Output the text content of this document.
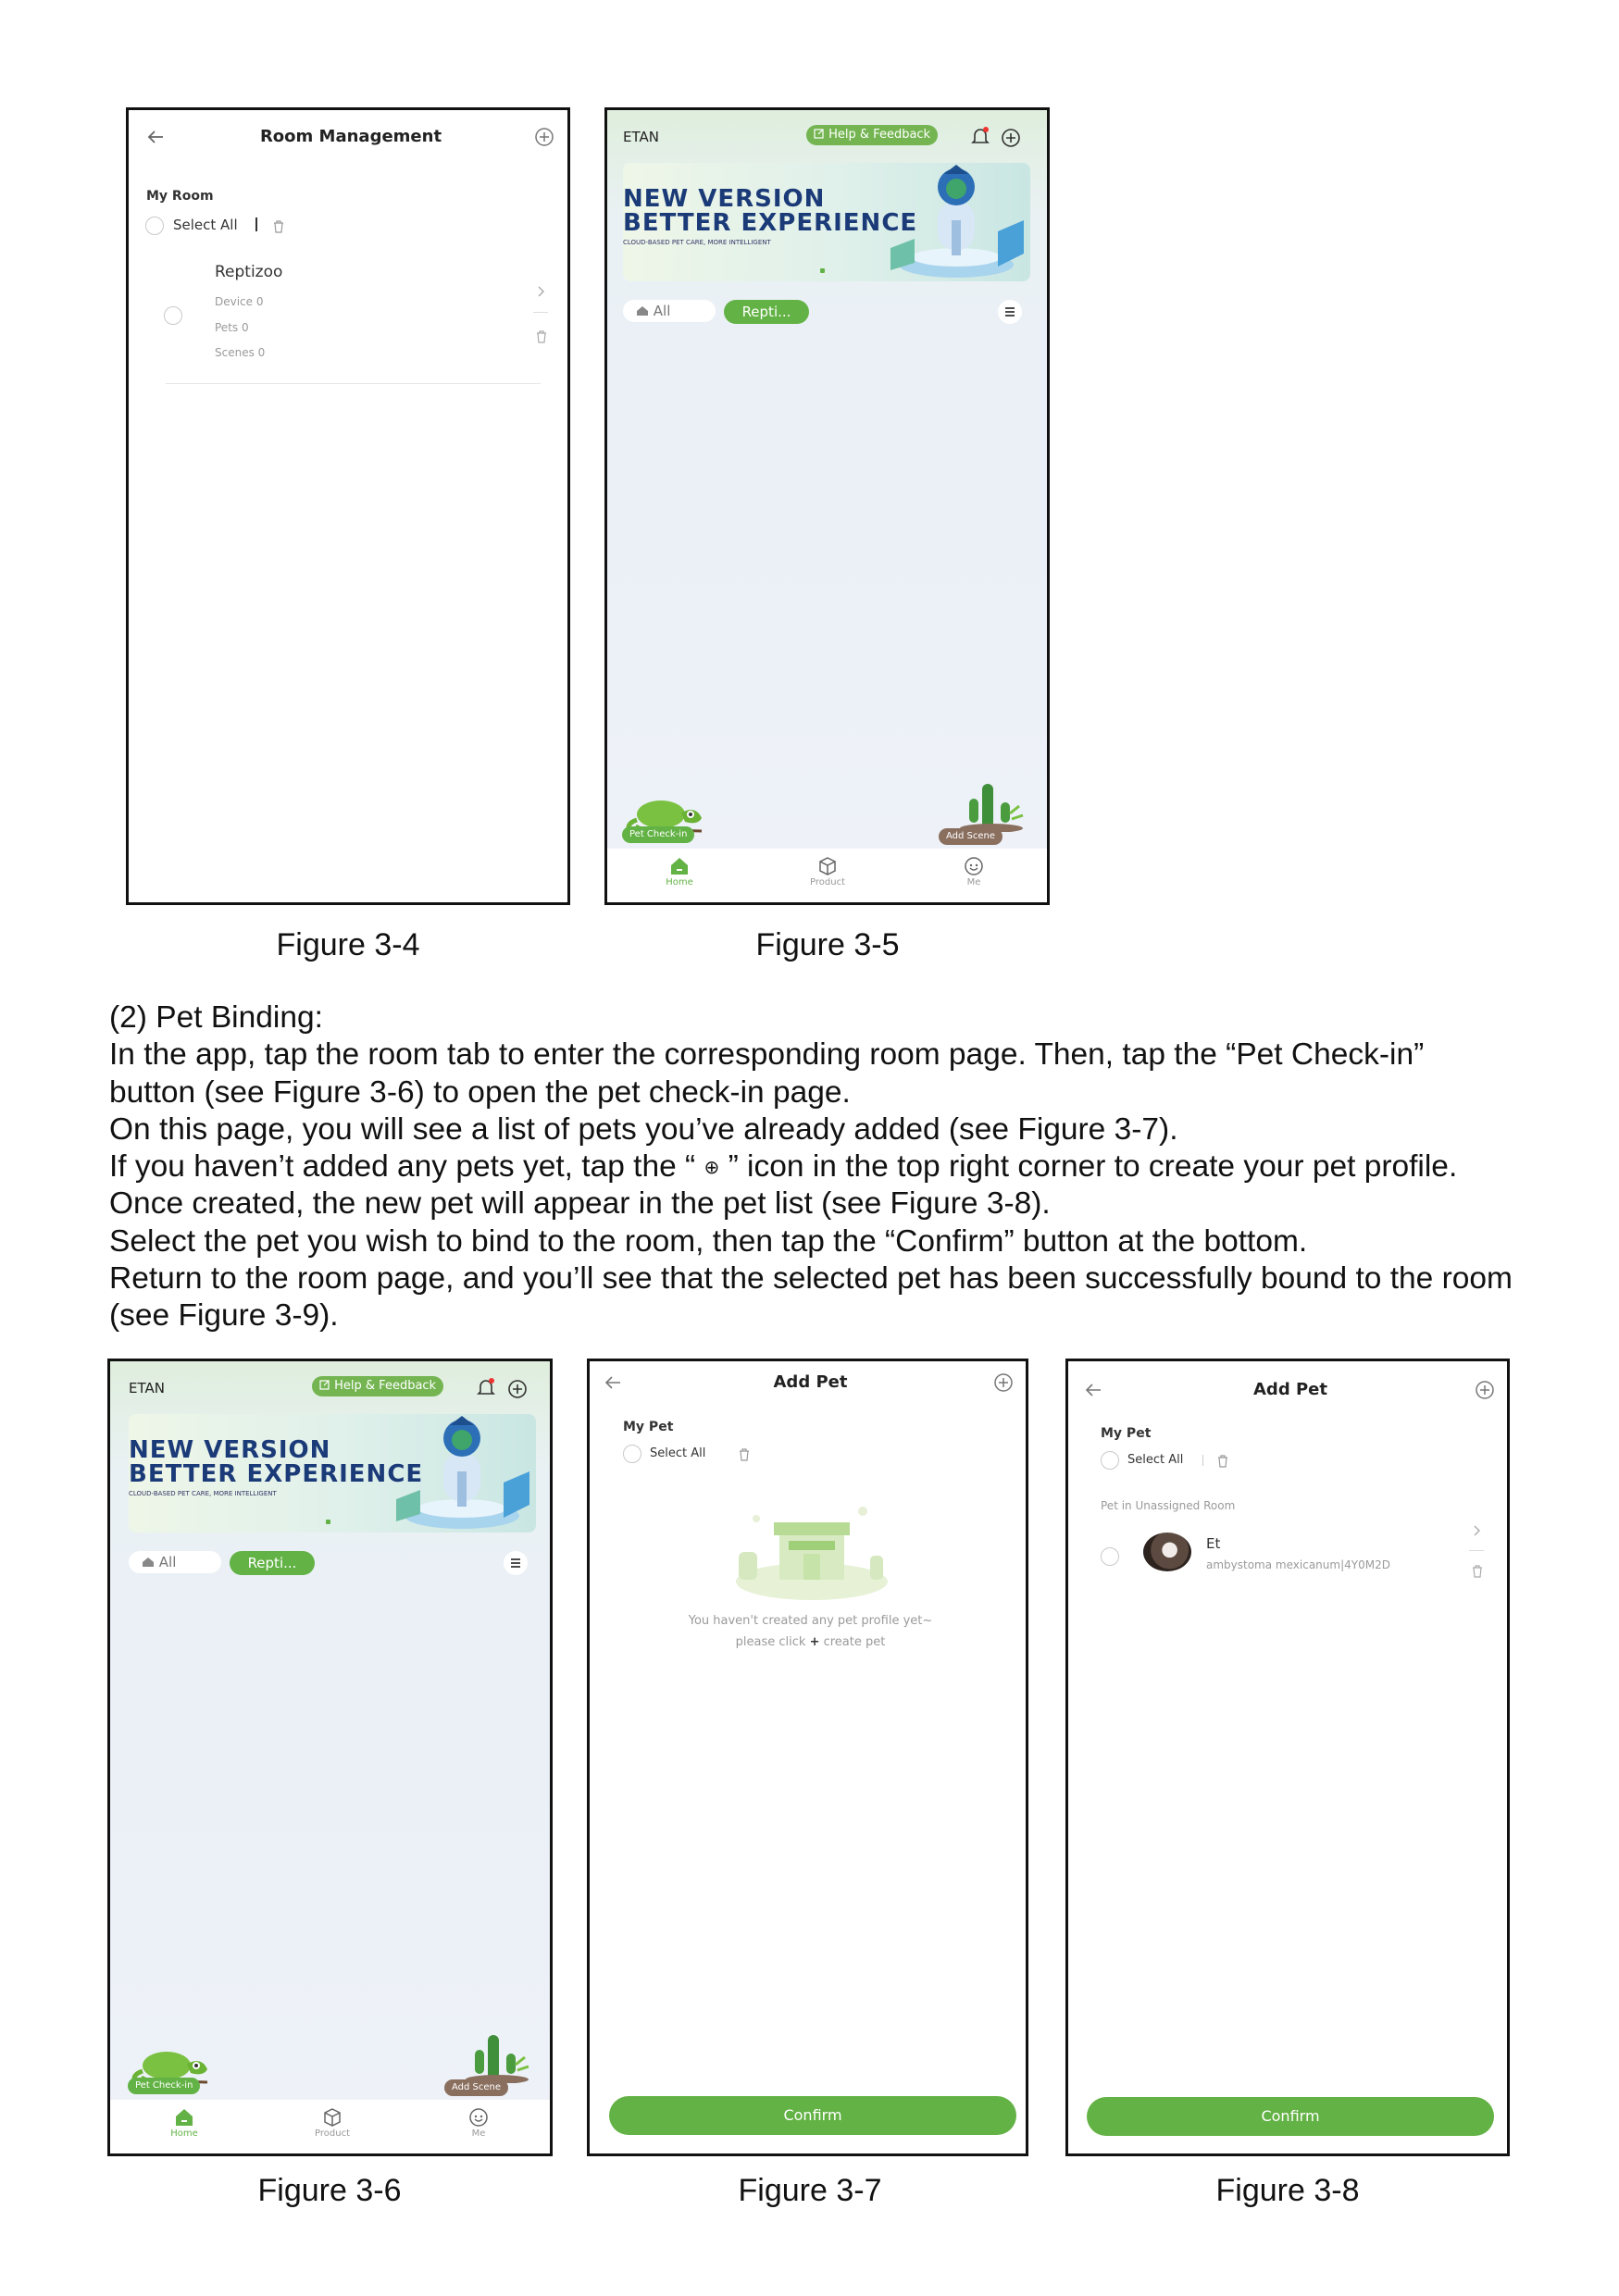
Room Management
My Room
Select All
Reptizoo
Device 0
Pets 0
Scenes 0
Figure 3-4
ETAN	Help & Feedback
NEW VERSION
BETTER EXPERIENCE
CLOUD-BASED PET CARE, MORE INTELLIGENT
All	Repti...
Pet Check-in	Add Scene
Home	Product	Me
Figure 3-5
(2) Pet Binding:
In the app, tap the room tab to enter the corresponding room page. Then, tap the “Pet Check-in”
button (see Figure 3-6) to open the pet check-in page.
On this page, you will see a list of pets you’ve already added (see Figure 3-7).
If you haven’t added any pets yet, tap the “ ⊕ ” icon in the top right corner to create your pet profile.
Once created, the new pet will appear in the pet list (see Figure 3-8).
Select the pet you wish to bind to the room, then tap the “Confirm” button at the bottom.
Return to the room page, and you’ll see that the selected pet has been successfully bound to the room
(see Figure 3-9).
ETAN	Help & Feedback
NEW VERSION
BETTER EXPERIENCE
CLOUD-BASED PET CARE, MORE INTELLIGENT
All	Repti...
Pet Check-in	Add Scene
Home	Product	Me
Figure 3-6
Add Pet
My Pet
Select All
You haven't created any pet profile yet~
please click + create pet
Confirm
Figure 3-7
Add Pet
My Pet
Select All
Pet in Unassigned Room
Et
ambystoma mexicanum|4Y0M2D
Confirm
Figure 3-8
